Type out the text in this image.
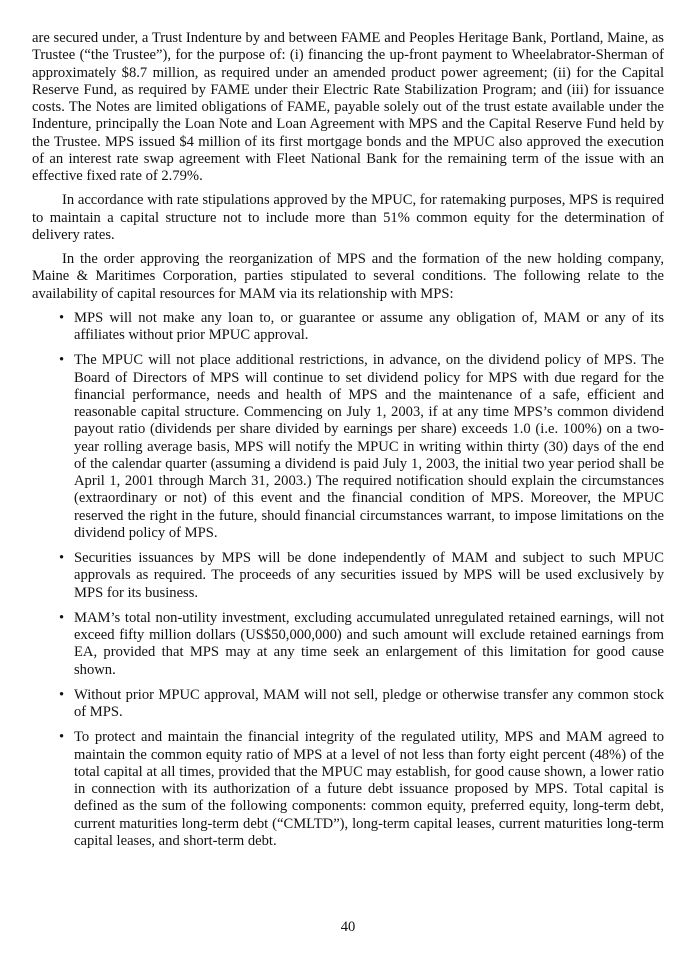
are secured under, a Trust Indenture by and between FAME and Peoples Heritage Bank, Portland, Maine, as Trustee (“the Trustee”), for the purpose of: (i) financing the up-front payment to Wheelabrator-Sherman of approximately $8.7 million, as required under an amended product power agreement; (ii) for the Capital Reserve Fund, as required by FAME under their Electric Rate Stabilization Program; and (iii) for issuance costs. The Notes are limited obligations of FAME, payable solely out of the trust estate available under the Indenture, principally the Loan Note and Loan Agreement with MPS and the Capital Reserve Fund held by the Trustee. MPS issued $4 million of its first mortgage bonds and the MPUC also approved the execution of an interest rate swap agreement with Fleet National Bank for the remaining term of the issue with an effective fixed rate of 2.79%.

In accordance with rate stipulations approved by the MPUC, for ratemaking purposes, MPS is required to maintain a capital structure not to include more than 51% common equity for the determination of delivery rates.

In the order approving the reorganization of MPS and the formation of the new holding company, Maine & Maritimes Corporation, parties stipulated to several conditions. The following relate to the availability of capital resources for MAM via its relationship with MPS:

• MPS will not make any loan to, or guarantee or assume any obligation of, MAM or any of its affiliates without prior MPUC approval.
• The MPUC will not place additional restrictions, in advance, on the dividend policy of MPS. The Board of Directors of MPS will continue to set dividend policy for MPS with due regard for the financial performance, needs and health of MPS and the maintenance of a safe, efficient and reasonable capital structure. Commencing on July 1, 2003, if at any time MPS’s common dividend payout ratio (dividends per share divided by earnings per share) exceeds 1.0 (i.e. 100%) on a two-year rolling average basis, MPS will notify the MPUC in writing within thirty (30) days of the end of the calendar quarter (assuming a dividend is paid July 1, 2003, the initial two year period shall be April 1, 2001 through March 31, 2003.) The required notification should explain the circumstances (extraordinary or not) of this event and the financial condition of MPS. Moreover, the MPUC reserved the right in the future, should financial circumstances warrant, to impose limitations on the dividend policy of MPS.
• Securities issuances by MPS will be done independently of MAM and subject to such MPUC approvals as required. The proceeds of any securities issued by MPS will be used exclusively by MPS for its business.
• MAM’s total non-utility investment, excluding accumulated unregulated retained earnings, will not exceed fifty million dollars (US$50,000,000) and such amount will exclude retained earnings from EA, provided that MPS may at any time seek an enlargement of this limitation for good cause shown.
• Without prior MPUC approval, MAM will not sell, pledge or otherwise transfer any common stock of MPS.
• To protect and maintain the financial integrity of the regulated utility, MPS and MAM agreed to maintain the common equity ratio of MPS at a level of not less than forty eight percent (48%) of the total capital at all times, provided that the MPUC may establish, for good cause shown, a lower ratio in connection with its authorization of a future debt issuance proposed by MPS. Total capital is defined as the sum of the following components: common equity, preferred equity, long-term debt, current maturities long-term debt (“CMLTD”), long-term capital leases, current maturities long-term capital leases, and short-term debt.
40
